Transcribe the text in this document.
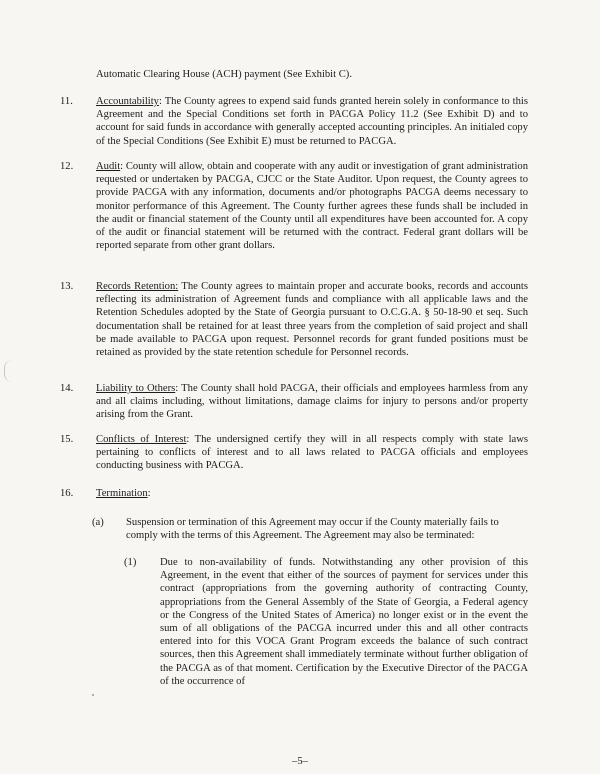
Automatic Clearing House (ACH) payment (See Exhibit C).
11. Accountability: The County agrees to expend said funds granted herein solely in conformance to this Agreement and the Special Conditions set forth in PACGA Policy 11.2 (See Exhibit D) and to account for said funds in accordance with generally accepted accounting principles. An initialed copy of the Special Conditions (See Exhibit E) must be returned to PACGA.
12. Audit: County will allow, obtain and cooperate with any audit or investigation of grant administration requested or undertaken by PACGA, CJCC or the State Auditor. Upon request, the County agrees to provide PACGA with any information, documents and/or photographs PACGA deems necessary to monitor performance of this Agreement. The County further agrees these funds shall be included in the audit or financial statement of the County until all expenditures have been accounted for. A copy of the audit or financial statement will be returned with the contract. Federal grant dollars will be reported separate from other grant dollars.
13. Records Retention: The County agrees to maintain proper and accurate books, records and accounts reflecting its administration of Agreement funds and compliance with all applicable laws and the Retention Schedules adopted by the State of Georgia pursuant to O.C.G.A. § 50-18-90 et seq. Such documentation shall be retained for at least three years from the completion of said project and shall be made available to PACGA upon request. Personnel records for grant funded positions must be retained as provided by the state retention schedule for Personnel records.
14. Liability to Others: The County shall hold PACGA, their officials and employees harmless from any and all claims including, without limitations, damage claims for injury to persons and/or property arising from the Grant.
15. Conflicts of Interest: The undersigned certify they will in all respects comply with state laws pertaining to conflicts of interest and to all laws related to PACGA officials and employees conducting business with PACGA.
16. Termination:
(a) Suspension or termination of this Agreement may occur if the County materially fails to comply with the terms of this Agreement. The Agreement may also be terminated:
(1) Due to non-availability of funds. Notwithstanding any other provision of this Agreement, in the event that either of the sources of payment for services under this contract (appropriations from the governing authority of contracting County, appropriations from the General Assembly of the State of Georgia, a Federal agency or the Congress of the United States of America) no longer exist or in the event the sum of all obligations of the PACGA incurred under this and all other contracts entered into for this VOCA Grant Program exceeds the balance of such contract sources, then this Agreement shall immediately terminate without further obligation of the PACGA as of that moment. Certification by the Executive Director of the PACGA of the occurrence of
–5–
